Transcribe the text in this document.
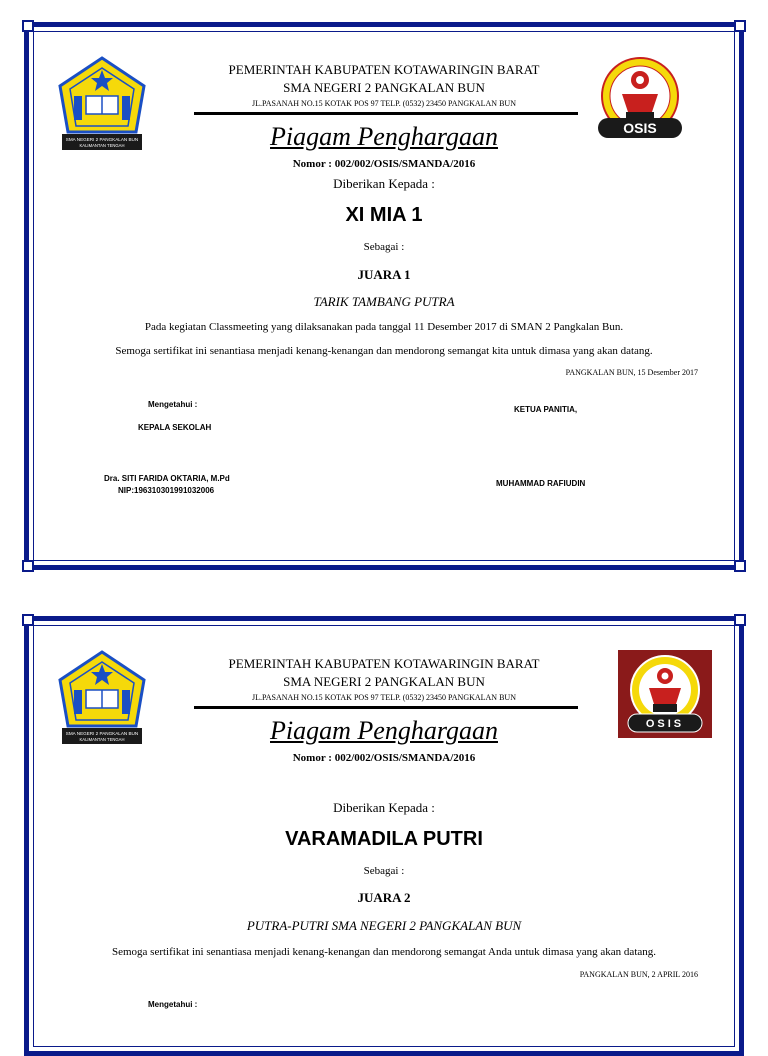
SMA NEGERI 2 PANGKALAN BUN
KALIMANTAN TENGAH
OSIS
PEMERINTAH KABUPATEN KOTAWARINGIN BARAT
SMA NEGERI 2 PANGKALAN BUN
JL.PASANAH NO.15 KOTAK POS 97 TELP. (0532) 23450 PANGKALAN BUN
Piagam Penghargaan
Nomor : 002/002/OSIS/SMANDA/2016
Diberikan Kepada :
XI MIA 1
Sebagai :
JUARA 1
TARIK TAMBANG PUTRA
Pada kegiatan Classmeeting yang dilaksanakan pada tanggal 11 Desember 2017 di SMAN 2 Pangkalan Bun.
Semoga sertifikat ini senantiasa menjadi kenang-kenangan dan mendorong semangat kita untuk dimasa yang akan datang.
PANGKALAN BUN, 15 Desember 2017
Mengetahui :
KEPALA SEKOLAH
KETUA PANITIA,
Dra. SITI FARIDA OKTARIA, M.Pd
NIP:196310301991032006
MUHAMMAD RAFIUDIN
SMA NEGERI 2 PANGKALAN BUN
KALIMANTAN TENGAH
OSIS
PEMERINTAH KABUPATEN KOTAWARINGIN BARAT
SMA NEGERI 2 PANGKALAN BUN
JL.PASANAH NO.15 KOTAK POS 97 TELP. (0532) 23450 PANGKALAN BUN
Piagam Penghargaan
Nomor : 002/002/OSIS/SMANDA/2016
Diberikan Kepada :
VARAMADILA PUTRI
Sebagai :
JUARA 2
PUTRA-PUTRI SMA NEGERI 2 PANGKALAN BUN
Semoga sertifikat ini senantiasa menjadi kenang-kenangan dan mendorong semangat Anda untuk dimasa yang akan datang.
PANGKALAN BUN, 2 APRIL 2016
Mengetahui :
